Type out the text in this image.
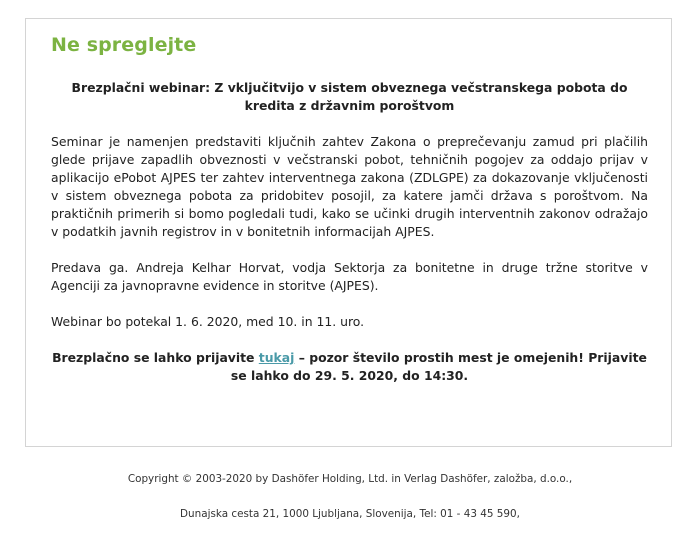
Ne spreglejte

Brezplačni webinar: Z vključitvijo v sistem obveznega večstranskega pobota do kredita z državnim poroštvom

Seminar je namenjen predstaviti ključnih zahtev Zakona o preprečevanju zamud pri plačilih glede prijave zapadlih obveznosti v večstranski pobot, tehničnih pogojev za oddajo prijav v aplikacijo ePobot AJPES ter zahtev interventnega zakona (ZDLGPE) za dokazovanje vključenosti v sistem obveznega pobota za pridobitev posojil, za katere jamči država s poroštvom. Na praktičnih primerih si bomo pogledali tudi, kako se učinki drugih interventnih zakonov odražajo v podatkih javnih registrov in v bonitetnih informacijah AJPES.

Predava ga. Andreja Kelhar Horvat, vodja Sektorja za bonitetne in druge tržne storitve v Agenciji za javnopravne evidence in storitve (AJPES).

Webinar bo potekal 1. 6. 2020, med 10. in 11. uro.

Brezplačno se lahko prijavite tukaj – pozor število prostih mest je omejenih! Prijavite se lahko do 29. 5. 2020, do 14:30.

Copyright © 2003-2020 by Dashöfer Holding, Ltd. in Verlag Dashöfer, založba, d.o.o.,

Dunajska cesta 21, 1000 Ljubljana, Slovenija, Tel: 01 - 43 45 590,
